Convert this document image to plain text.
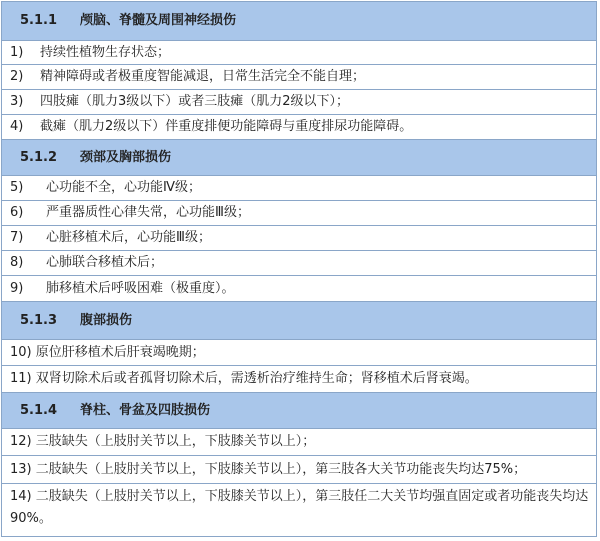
5.1.1	颅脑、脊髓及周围神经损伤
1)	持续性植物生存状态；
2)	精神障碍或者极重度智能减退，日常生活完全不能自理；
3)	四肢瘫（肌力3级以下）或者三肢瘫（肌力2级以下）；
4)	截瘫（肌力2级以下）伴重度排便功能障碍与重度排尿功能障碍。
5.1.2	颈部及胸部损伤
5)	心功能不全，心功能Ⅳ级；
6)	严重器质性心律失常，心功能Ⅲ级；
7)	心脏移植术后，心功能Ⅲ级；
8)	心肺联合移植术后；
9)	肺移植术后呼吸困难（极重度）。
5.1.3	腹部损伤
10) 原位肝移植术后肝衰竭晚期；
11) 双肾切除术后或者孤肾切除术后，需透析治疗维持生命；肾移植术后肾衰竭。
5.1.4	脊柱、骨盆及四肢损伤
12) 三肢缺失（上肢肘关节以上，下肢膝关节以上）；
13) 二肢缺失（上肢肘关节以上，下肢膝关节以上），第三肢各大关节功能丧失均达75%；
14) 二肢缺失（上肢肘关节以上，下肢膝关节以上），第三肢任二大关节均强直固定或者功能丧失均达90%。
